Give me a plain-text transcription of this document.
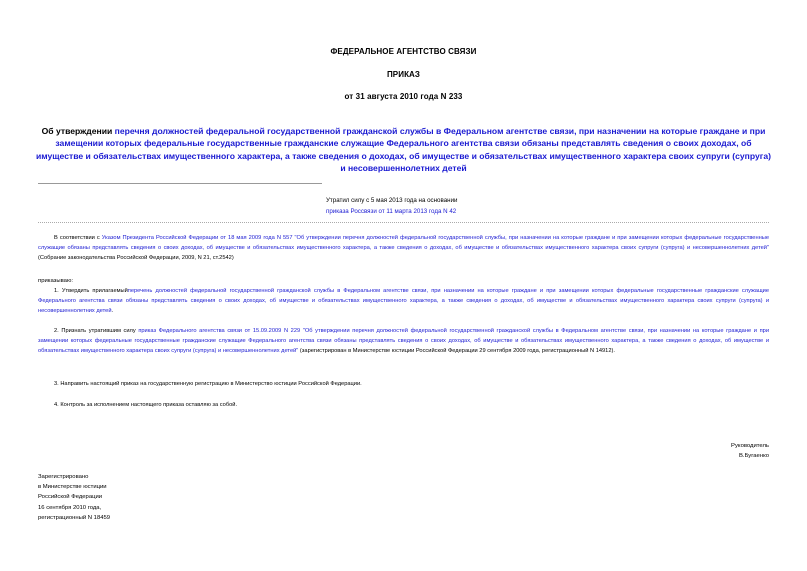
ФЕДЕРАЛЬНОЕ АГЕНТСТВО СВЯЗИ
ПРИКАЗ
от 31 августа 2010 года N 233
Об утверждении перечня должностей федеральной государственной гражданской службы в Федеральном агентстве связи, при назначении на которые граждане и при замещении которых федеральные государственные гражданские служащие Федерального агентства связи обязаны представлять сведения о своих доходах, об имуществе и обязательствах имущественного характера, а также сведения о доходах, об имуществе и обязательствах имущественного характера своих супруги (супруга) и несовершеннолетних детей
Утратил силу с 5 мая 2013 года на основании
приказа Россвязи от 11 марта 2013 года N 42
В соответствии с Указом Президента Российской Федерации от 18 мая 2009 года N 557 "Об утверждении перечня должностей федеральной государственной службы, при назначении на которые граждане и при замещении которых федеральные государственные служащие обязаны представлять сведения о своих доходах, об имуществе и обязательствах имущественного характера, а также сведения о доходах, об имуществе и обязательствах имущественного характера своих супруги (супруга) и несовершеннолетних детей" (Собрание законодательства Российской Федерации, 2009, N 21, ст.2542)
приказываю:
1. Утвердить прилагаемыйперечень должностей федеральной государственной гражданской службы в Федеральном агентстве связи, при назначении на которые граждане и при замещении которых федеральные государственные гражданские служащие Федерального агентства связи обязаны представлять сведения о своих доходах, об имуществе и обязательствах имущественного характера, а также сведения о доходах, об имуществе и обязательствах имущественного характера своих супруги (супруга) и несовершеннолетних детей.
2. Признать утратившим силу приказ Федерального агентства связи от 15.09.2009 N 229 "Об утверждении перечня должностей федеральной государственной гражданской службы в Федеральном агентстве связи, при назначении на которые граждане и при замещении которых федеральные государственные гражданские служащие Федерального агентства связи обязаны представлять сведения о своих доходах, об имуществе и обязательствах имущественного характера, а также сведения о доходах, об имуществе и обязательствах имущественного характера своих супруги (супруга) и несовершеннолетних детей" (зарегистрирован в Министерстве юстиции Российской Федерации 29 сентября 2009 года, регистрационный N 14912).
3. Направить настоящий приказ на государственную регистрацию в Министерство юстиции Российской Федерации.
4. Контроль за исполнением настоящего приказа оставляю за собой.
Руководитель
В.Бугаенко
Зарегистрировано
в Министерстве юстиции
Российской Федерации
16 сентября 2010 года,
регистрационный N 18459
